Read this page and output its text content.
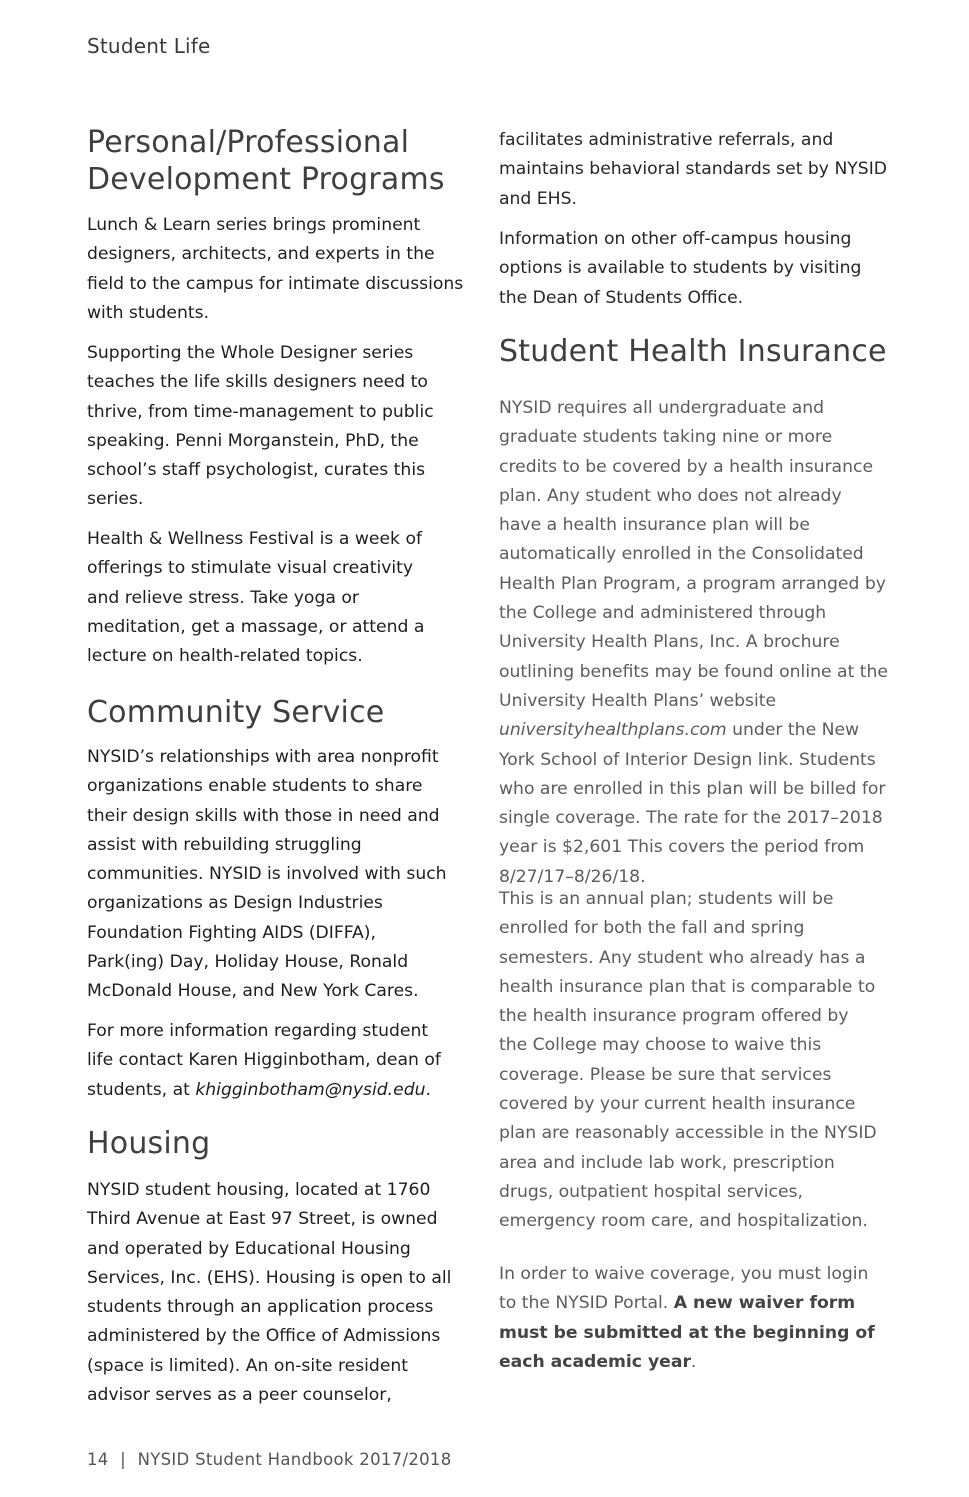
Student Life
Personal/Professional Development Programs

Lunch & Learn series brings prominent designers, architects, and experts in the field to the campus for intimate discussions with students.

Supporting the Whole Designer series teaches the life skills designers need to thrive, from time-management to public speaking. Penni Morganstein, PhD, the school’s staff psychologist, curates this series.

Health & Wellness Festival is a week of offerings to stimulate visual creativity and relieve stress. Take yoga or meditation, get a massage, or attend a lecture on health-related topics.

Community Service

NYSID’s relationships with area nonprofit organizations enable students to share their design skills with those in need and assist with rebuilding struggling communities. NYSID is involved with such organizations as Design Industries Foundation Fighting AIDS (DIFFA), Park(ing) Day, Holiday House, Ronald McDonald House, and New York Cares.

For more information regarding student life contact Karen Higginbotham, dean of students, at khigginbotham@nysid.edu.

Housing

NYSID student housing, located at 1760 Third Avenue at East 97 Street, is owned and operated by Educational Housing Services, Inc. (EHS). Housing is open to all students through an application process administered by the Office of Admissions (space is limited). An on-site resident advisor serves as a peer counselor,

facilitates administrative referrals, and maintains behavioral standards set by NYSID and EHS.

Information on other off-campus housing options is available to students by visiting the Dean of Students Office.

Student Health Insurance

NYSID requires all undergraduate and graduate students taking nine or more credits to be covered by a health insurance plan. Any student who does not already have a health insurance plan will be automatically enrolled in the Consolidated Health Plan Program, a program arranged by the College and administered through University Health Plans, Inc. A brochure outlining benefits may be found online at the University Health Plans’ website universityhealthplans.com under the New York School of Interior Design link. Students who are enrolled in this plan will be billed for single coverage. The rate for the 2017–2018 year is $2,601 This covers the period from 8/27/17–8/26/18.

This is an annual plan; students will be enrolled for both the fall and spring semesters. Any student who already has a health insurance plan that is comparable to the health insurance program offered by the College may choose to waive this coverage. Please be sure that services covered by your current health insurance plan are reasonably accessible in the NYSID area and include lab work, prescription drugs, outpatient hospital services, emergency room care, and hospitalization.

In order to waive coverage, you must login to the NYSID Portal. A new waiver form must be submitted at the beginning of each academic year.

14 | NYSID Student Handbook 2017/2018
